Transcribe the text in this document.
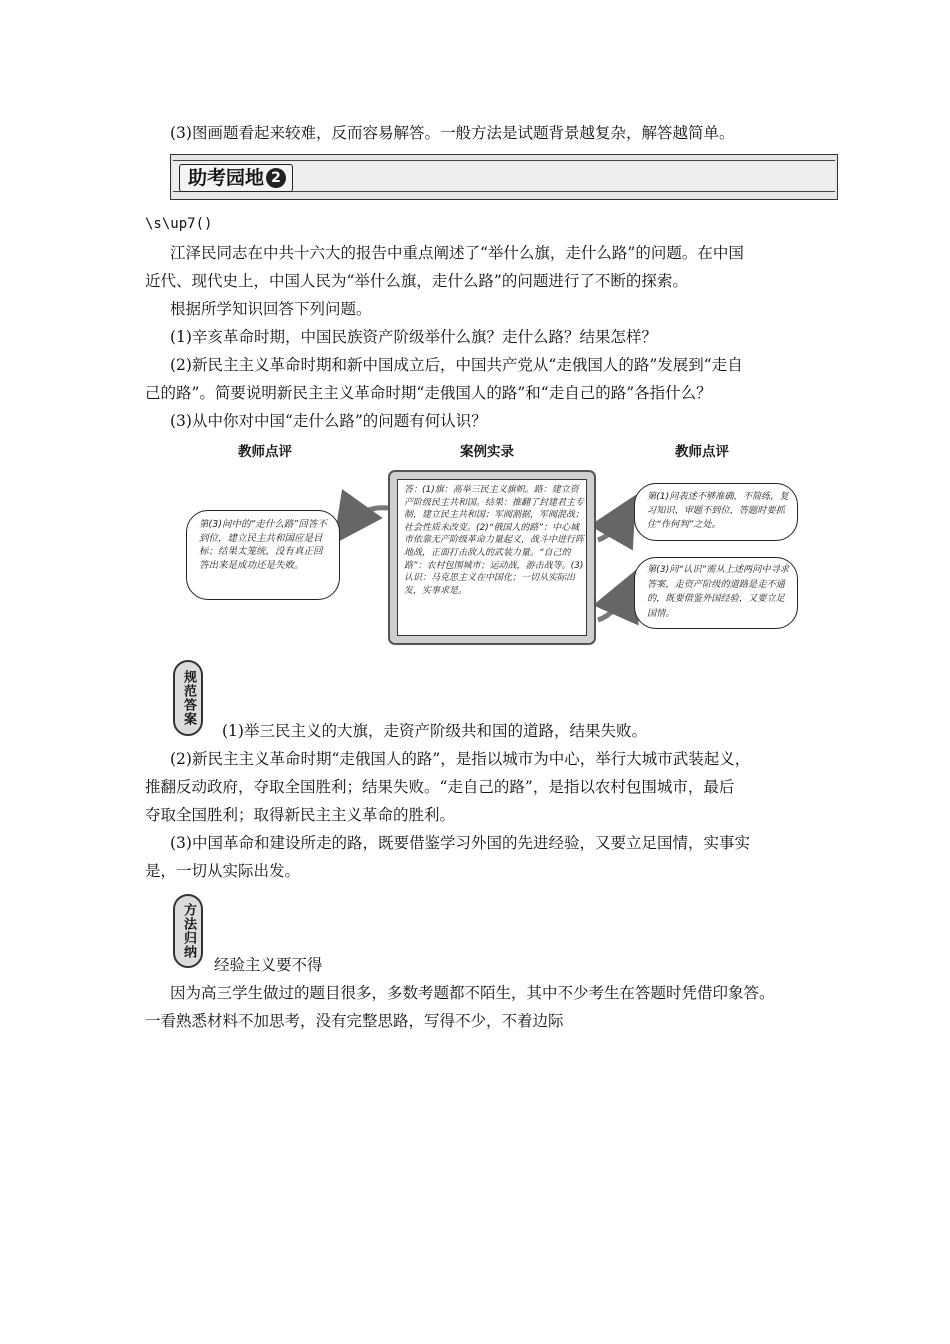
(3)图画题看起来较难，反而容易解答。一般方法是试题背景越复杂，解答越简单。
助考园地 2
\s\up7()
江泽民同志在中共十六大的报告中重点阐述了“举什么旗，走什么路”的问题。在中国
近代、现代史上，中国人民为“举什么旗，走什么路”的问题进行了不断的探索。
根据所学知识回答下列问题。
(1)辛亥革命时期，中国民族资产阶级举什么旗？走什么路？结果怎样？
(2)新民主主义革命时期和新中国成立后，中国共产党从“走俄国人的路”发展到“走自
己的路”。简要说明新民主主义革命时期“走俄国人的路”和“走自己的路”各指什么？
(3)从中你对中国“走什么路”的问题有何认识？
教师点评	案例实录	教师点评
第(3)问中的“走什么路”回答不到位，建立民主共和国应是目标；结果太笼统，没有真正回答出来是成功还是失败。
答：(1)旗：高举三民主义旗帜。路：建立资产阶级民主共和国。结果：推翻了封建君主专制，建立民主共和国；军阀割据，军阀混战；社会性质未改变。(2)“俄国人的路”：中心城市依靠无产阶级革命力量起义，战斗中进行阵地战，正面打击敌人的武装力量。“自己的路”：农村包围城市；运动战，游击战等。(3)认识：马克思主义在中国化；一切从实际出发，实事求是。
第(1)问表述不够准确，不简练，复习知识、审题不到位，答题时要抓住“作何判”之处。
第(3)问“认识”需从上述两问中寻求答案，走资产阶级的道路是走不通的，既要借鉴外国经验，又要立足国情。
规范答案
(1)举三民主义的大旗，走资产阶级共和国的道路，结果失败。
(2)新民主主义革命时期“走俄国人的路”，是指以城市为中心，举行大城市武装起义，
推翻反动政府，夺取全国胜利；结果失败。“走自己的路”，是指以农村包围城市，最后
夺取全国胜利；取得新民主主义革命的胜利。
(3)中国革命和建设所走的路，既要借鉴学习外国的先进经验，又要立足国情，实事实
是，一切从实际出发。
方法归纳
经验主义要不得
因为高三学生做过的题目很多，多数考题都不陌生，其中不少考生在答题时凭借印象答。
一看熟悉材料不加思考，没有完整思路，写得不少，不着边际
